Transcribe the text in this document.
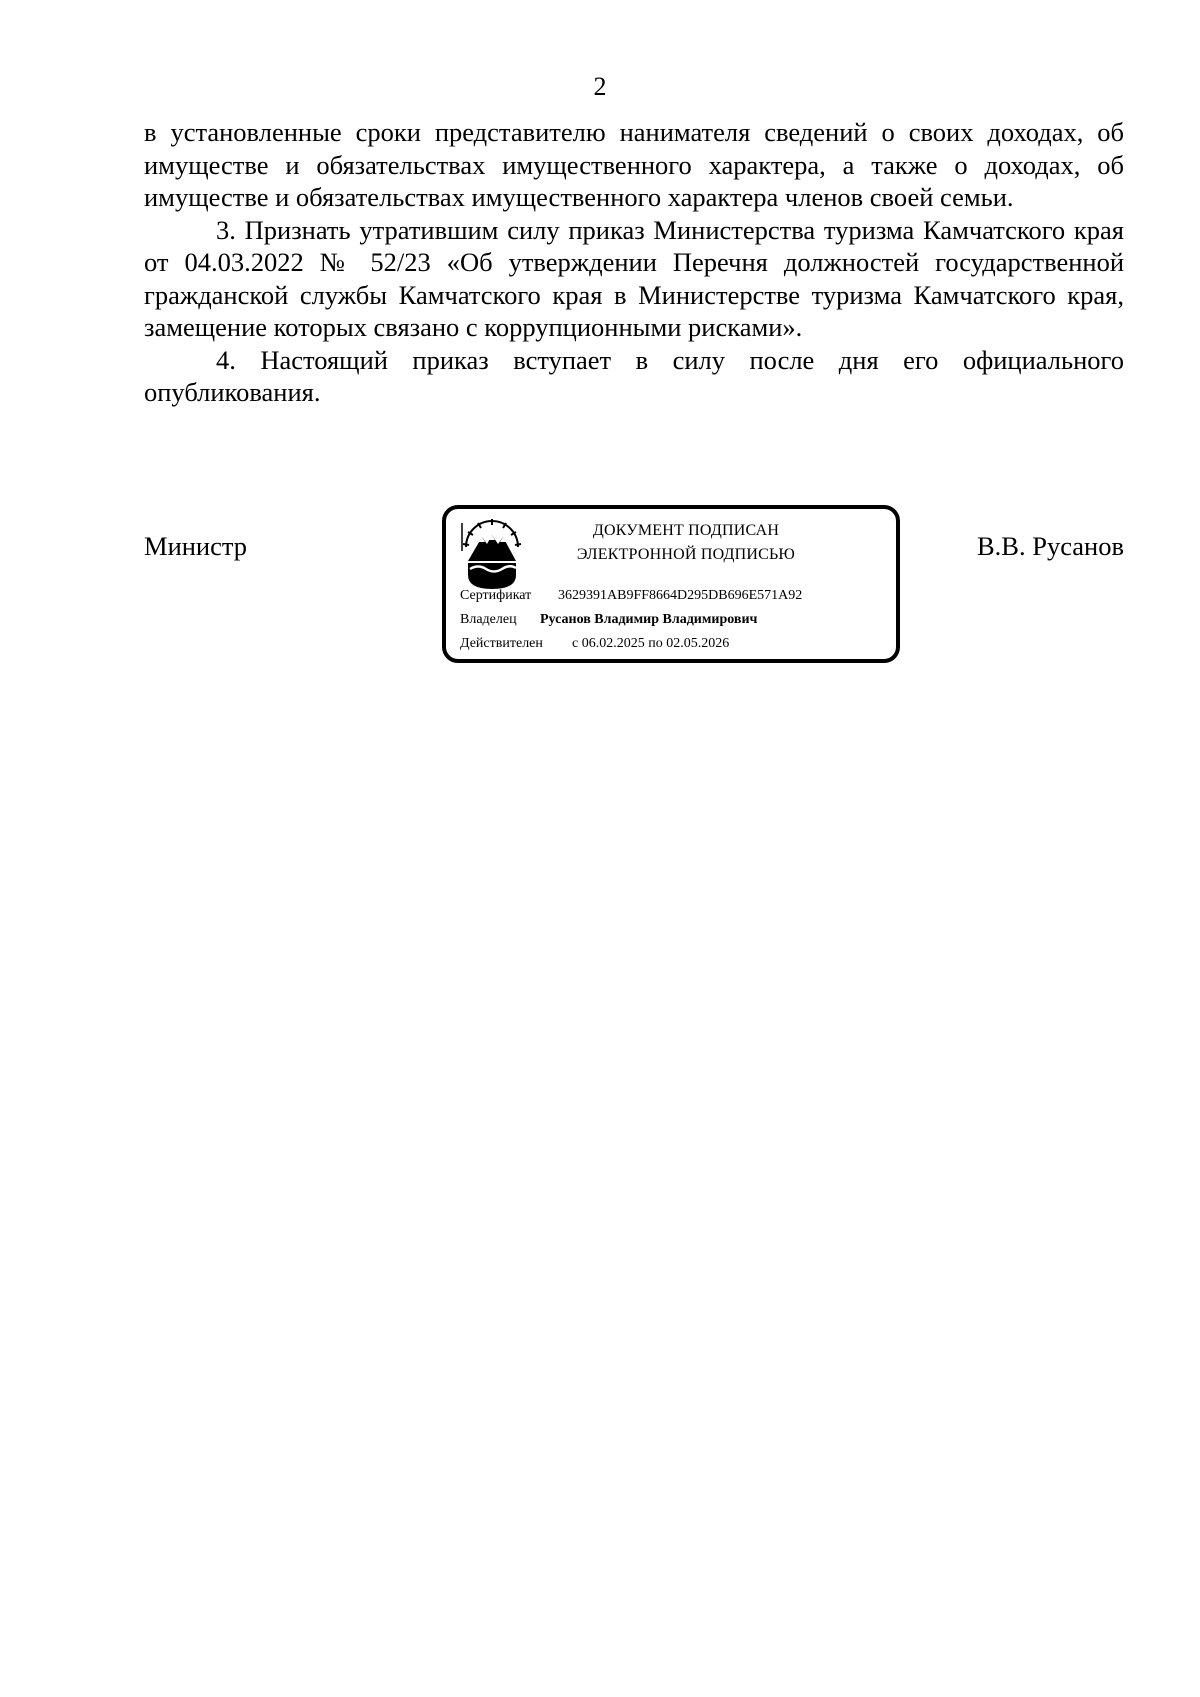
2

в установленные сроки представителю нанимателя сведений о своих доходах, об имуществе и обязательствах имущественного характера, а также о доходах, об имуществе и обязательствах имущественного характера членов своей семьи.

3. Признать утратившим силу приказ Министерства туризма Камчатского края от 04.03.2022 № 52/23 «Об утверждении Перечня должностей государственной гражданской службы Камчатского края в Министерстве туризма Камчатского края, замещение которых связано с коррупционными рисками».

4. Настоящий приказ вступает в силу после дня его официального опубликования.

Министр	В.В. Русанов
ДОКУМЕНТ ПОДПИСАН
ЭЛЕКТРОННОЙ ПОДПИСЬЮ
Сертификат 3629391AB9FF8664D295DB696E571A92
Владелец Русанов Владимир Владимирович
Действителен с 06.02.2025 по 02.05.2026
